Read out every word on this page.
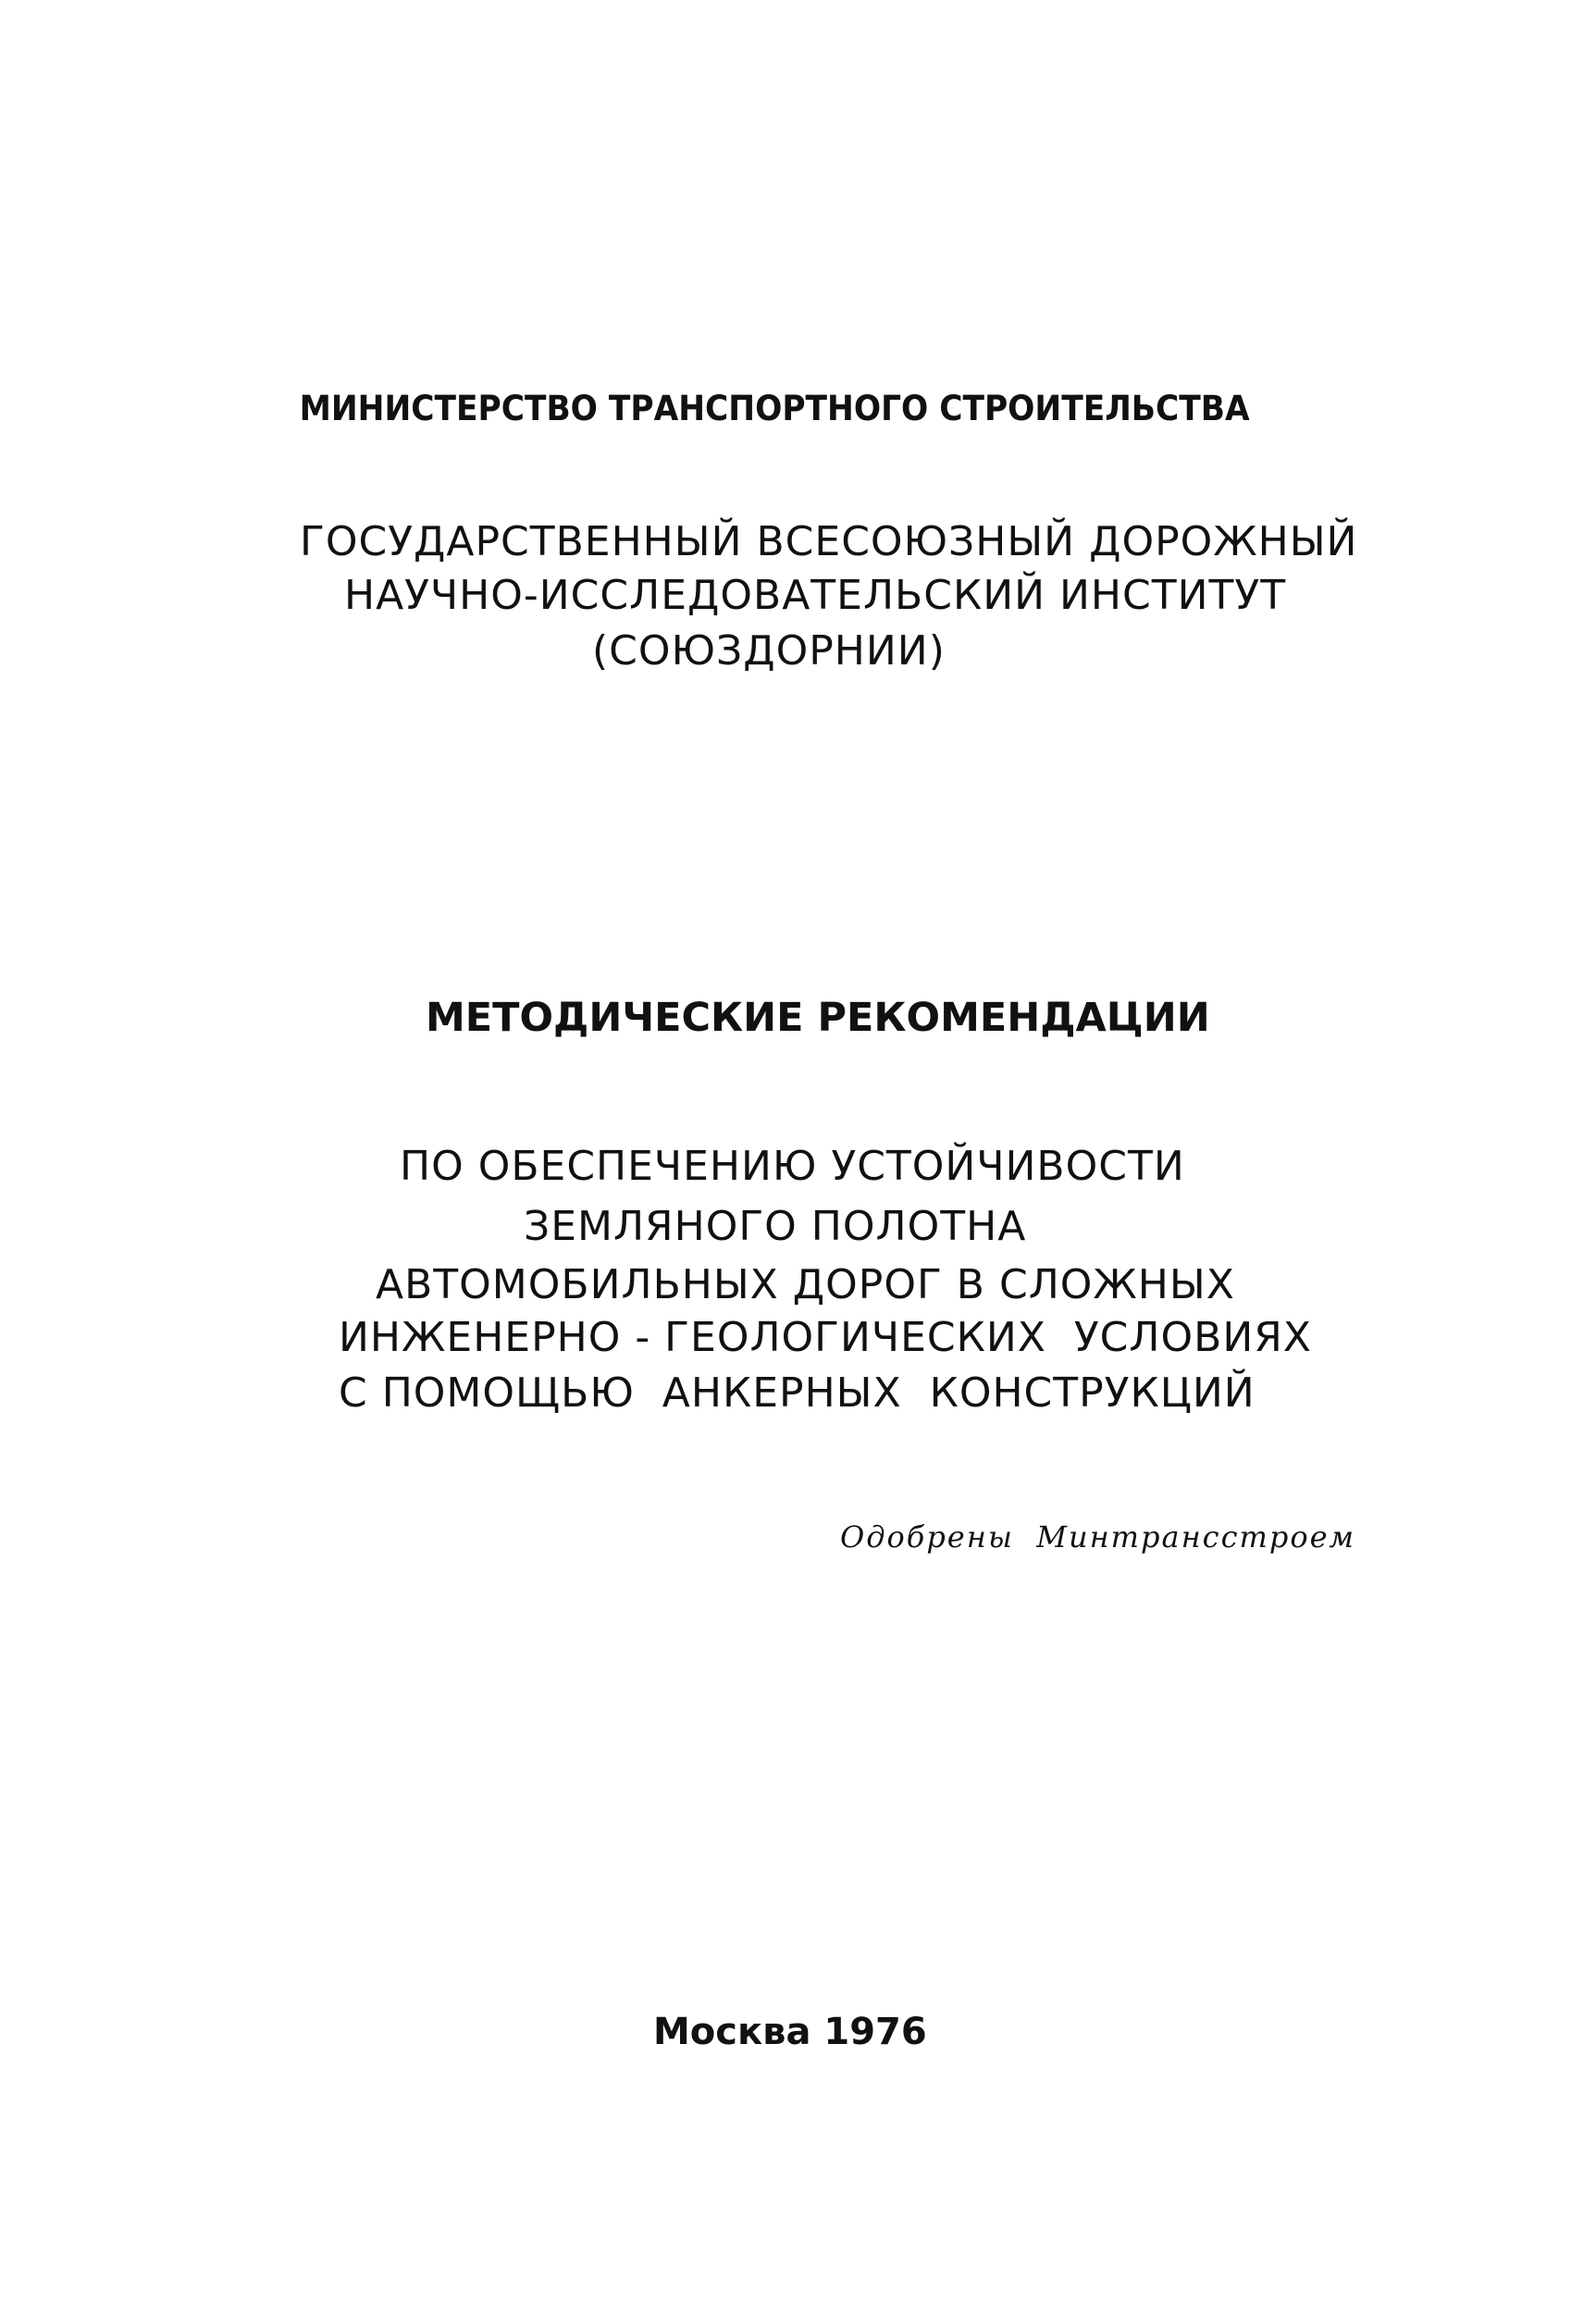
МИНИСТЕРСТВО ТРАНСПОРТНОГО СТРОИТЕЛЬСТВА
ГОСУДАРСТВЕННЫЙ ВСЕСОЮЗНЫЙ ДОРОЖНЫЙ
НАУЧНО-ИССЛЕДОВАТЕЛЬСКИЙ ИНСТИТУТ
(СОЮЗДОРНИИ)
МЕТОДИЧЕСКИЕ РЕКОМЕНДАЦИИ
ПО ОБЕСПЕЧЕНИЮ УСТОЙЧИВОСТИ
ЗЕМЛЯНОГО ПОЛОТНА
АВТОМОБИЛЬНЫХ ДОРОГ В СЛОЖНЫХ
ИНЖЕНЕРНО - ГЕОЛОГИЧЕСКИХ  УСЛОВИЯХ
С ПОМОЩЬЮ  АНКЕРНЫХ  КОНСТРУКЦИЙ
Одобрены  Минтрансстроем
Москва 1976
